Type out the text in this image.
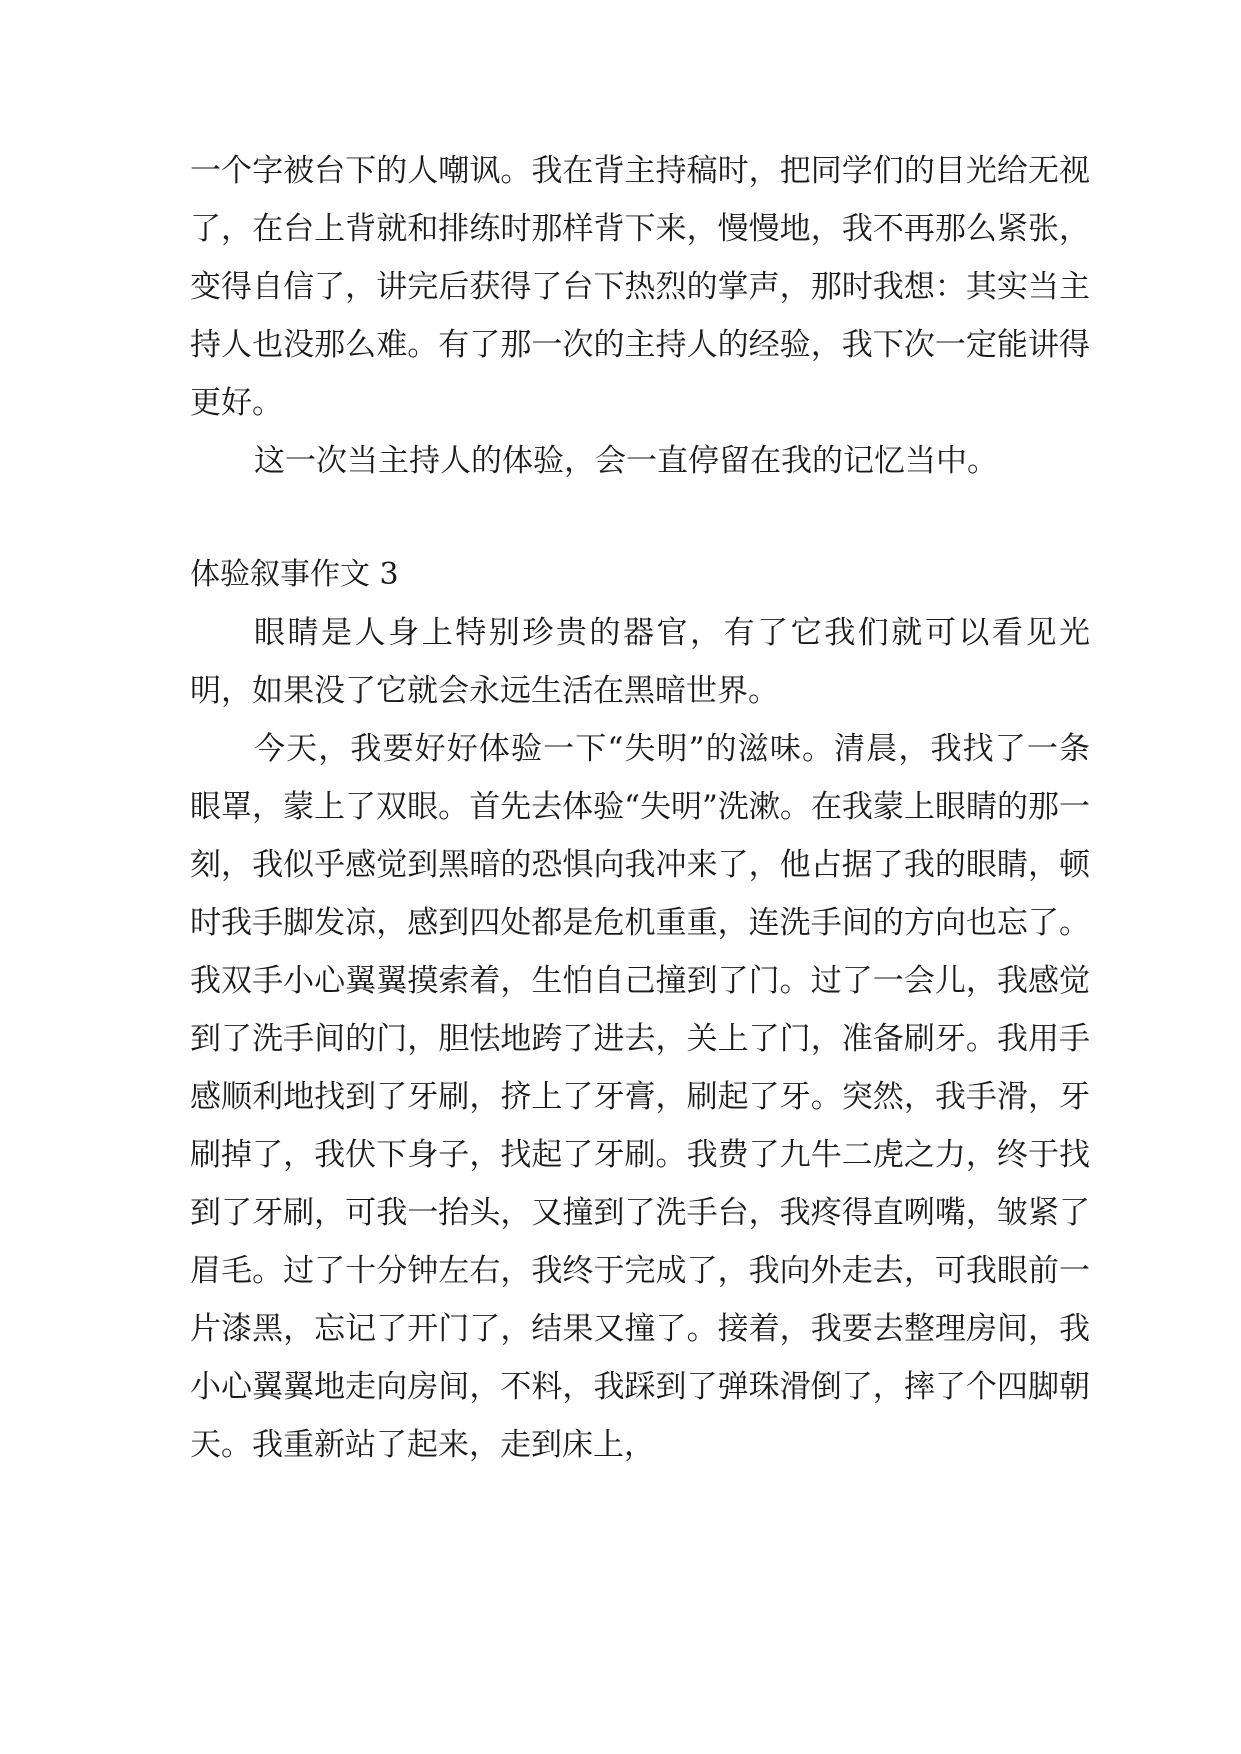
一个字被台下的人嘲讽。我在背主持稿时，把同学们的目光给无视了，在台上背就和排练时那样背下来，慢慢地，我不再那么紧张，变得自信了，讲完后获得了台下热烈的掌声，那时我想：其实当主持人也没那么难。有了那一次的主持人的经验，我下次一定能讲得更好。

这一次当主持人的体验，会一直停留在我的记忆当中。

体验叙事作文 3

眼睛是人身上特别珍贵的器官，有了它我们就可以看见光明，如果没了它就会永远生活在黑暗世界。

今天，我要好好体验一下“失明”的滋味。清晨，我找了一条眼罩，蒙上了双眼。首先去体验“失明”洗漱。在我蒙上眼睛的那一刻，我似乎感觉到黑暗的恐惧向我冲来了，他占据了我的眼睛，顿时我手脚发凉，感到四处都是危机重重，连洗手间的方向也忘了。我双手小心翼翼摸索着，生怕自己撞到了门。过了一会儿，我感觉到了洗手间的门，胆怯地跨了进去，关上了门，准备刷牙。我用手感顺利地找到了牙刷，挤上了牙膏，刷起了牙。突然，我手滑，牙刷掉了，我伏下身子，找起了牙刷。我费了九牛二虎之力，终于找到了牙刷，可我一抬头，又撞到了洗手台，我疼得直咧嘴，皱紧了眉毛。过了十分钟左右，我终于完成了，我向外走去，可我眼前一片漆黑，忘记了开门了，结果又撞了。接着，我要去整理房间，我小心翼翼地走向房间，不料，我踩到了弹珠滑倒了，摔了个四脚朝天。我重新站了起来，走到床上，
